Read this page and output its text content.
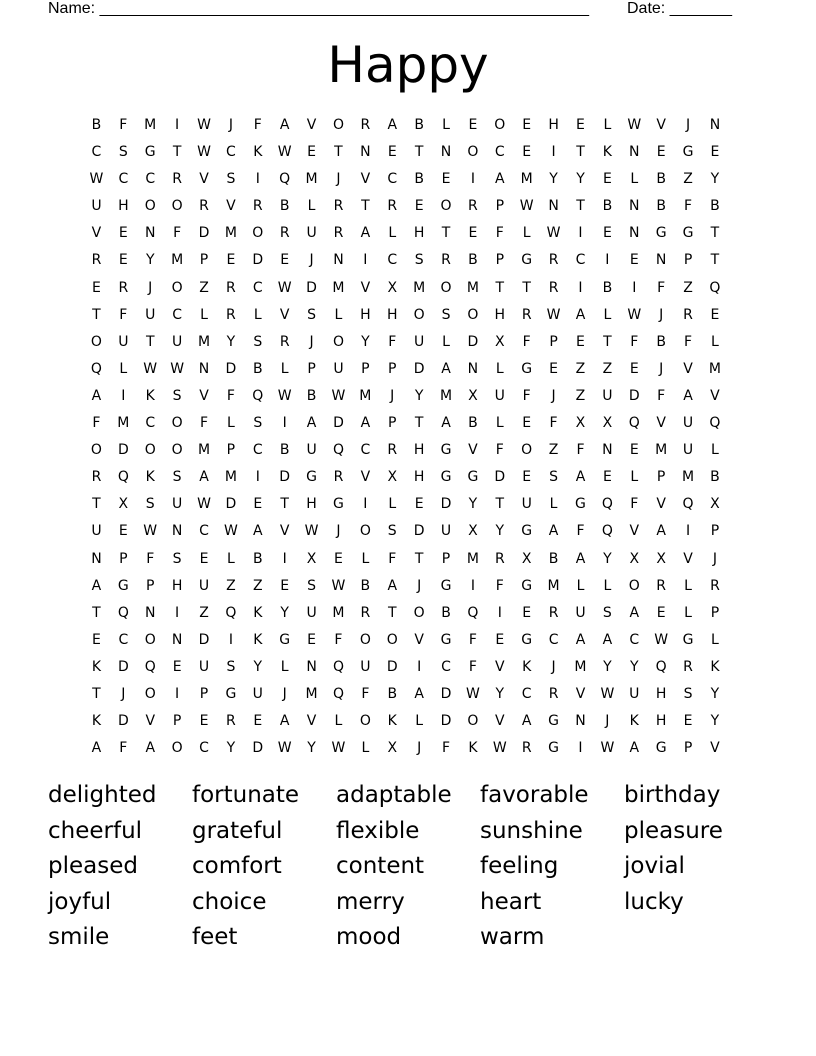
Name: _______________________________________________________ Date: _______
Happy
B	F	M	I	W	J	F	A	V	O	R	A	B	L	E	O	E	H	E	L	W	V	J	N
C	S	G	T	W	C	K	W	E	T	N	E	T	N	O	C	E	I	T	K	N	E	G	E
W	C	C	R	V	S	I	Q	M	J	V	C	B	E	I	A	M	Y	Y	E	L	B	Z	Y
U	H	O	O	R	V	R	B	L	R	T	R	E	O	R	P	W	N	T	B	N	B	F	B
V	E	N	F	D	M	O	R	U	R	A	L	H	T	E	F	L	W	I	E	N	G	G	T
R	E	Y	M	P	E	D	E	J	N	I	C	S	R	B	P	G	R	C	I	E	N	P	T
E	R	J	O	Z	R	C	W	D	M	V	X	M	O	M	T	T	R	I	B	I	F	Z	Q
T	F	U	C	L	R	L	V	S	L	H	H	O	S	O	H	R	W	A	L	W	J	R	E
O	U	T	U	M	Y	S	R	J	O	Y	F	U	L	D	X	F	P	E	T	F	B	F	L
Q	L	W W	N	D	B	L	P	U	P	P	D	A	N	L	G	E	Z	Z	E	J	V	M
A	I	K	S	V	F	Q	W	B	W M	J	Y	M	X	U	F	J	Z	U	D	F	A	V
F	M	C	O	F	L	S	I	A	D	A	P	T	A	B	L	E	F	X	X	Q	V	U	Q
O	D	O	O	M	P	C	B	U	Q	C	R	H	G	V	F	O	Z	F	N	E	M	U	L
R	Q	K	S	A	M	I	D	G	R	V	X	H	G	G	D	E	S	A	E	L	P	M	B
T	X	S	U	W	D	E	T	H	G	I	L	E	D	Y	T	U	L	G	Q	F	V	Q	X
U	E	W	N	C	W	A	V	W	J	O	S	D	U	X	Y	G	A	F	Q	V	A	I	P
N	P	F	S	E	L	B	I	X	E	L	F	T	P	M	R	X	B	A	Y	X	X	V	J
A	G	P	H	U	Z	Z	E	S	W	B	A	J	G	I	F	G	M	L	L	O	R	L	R
T	Q	N	I	Z	Q	K	Y	U	M	R	T	O	B	Q	I	E	R	U	S	A	E	L	P
E	C	O	N	D	I	K	G	E	F	O	O	V	G	F	E	G	C	A	A	C	W	G	L
K	D	Q	E	U	S	Y	L	N	Q	U	D	I	C	F	V	K	J	M	Y	Y	Q	R	K
T	J	O	I	P	G	U	J	M	Q	F	B	A	D	W	Y	C	R	V	W	U	H	S	Y
K	D	V	P	E	R	E	A	V	L	O	K	L	D	O	V	A	G	N	J	K	H	E	Y
A	F	A	O	C	Y	D	W	Y	W	L	X	J	F	K	W	R	G	I	W	A	G	P	V
delighted	fortunate	adaptable	favorable	birthday
cheerful	grateful	flexible	sunshine	pleasure
pleased	comfort	content	feeling	jovial
joyful	choice	merry	heart	lucky
smile	feet	mood	warm
